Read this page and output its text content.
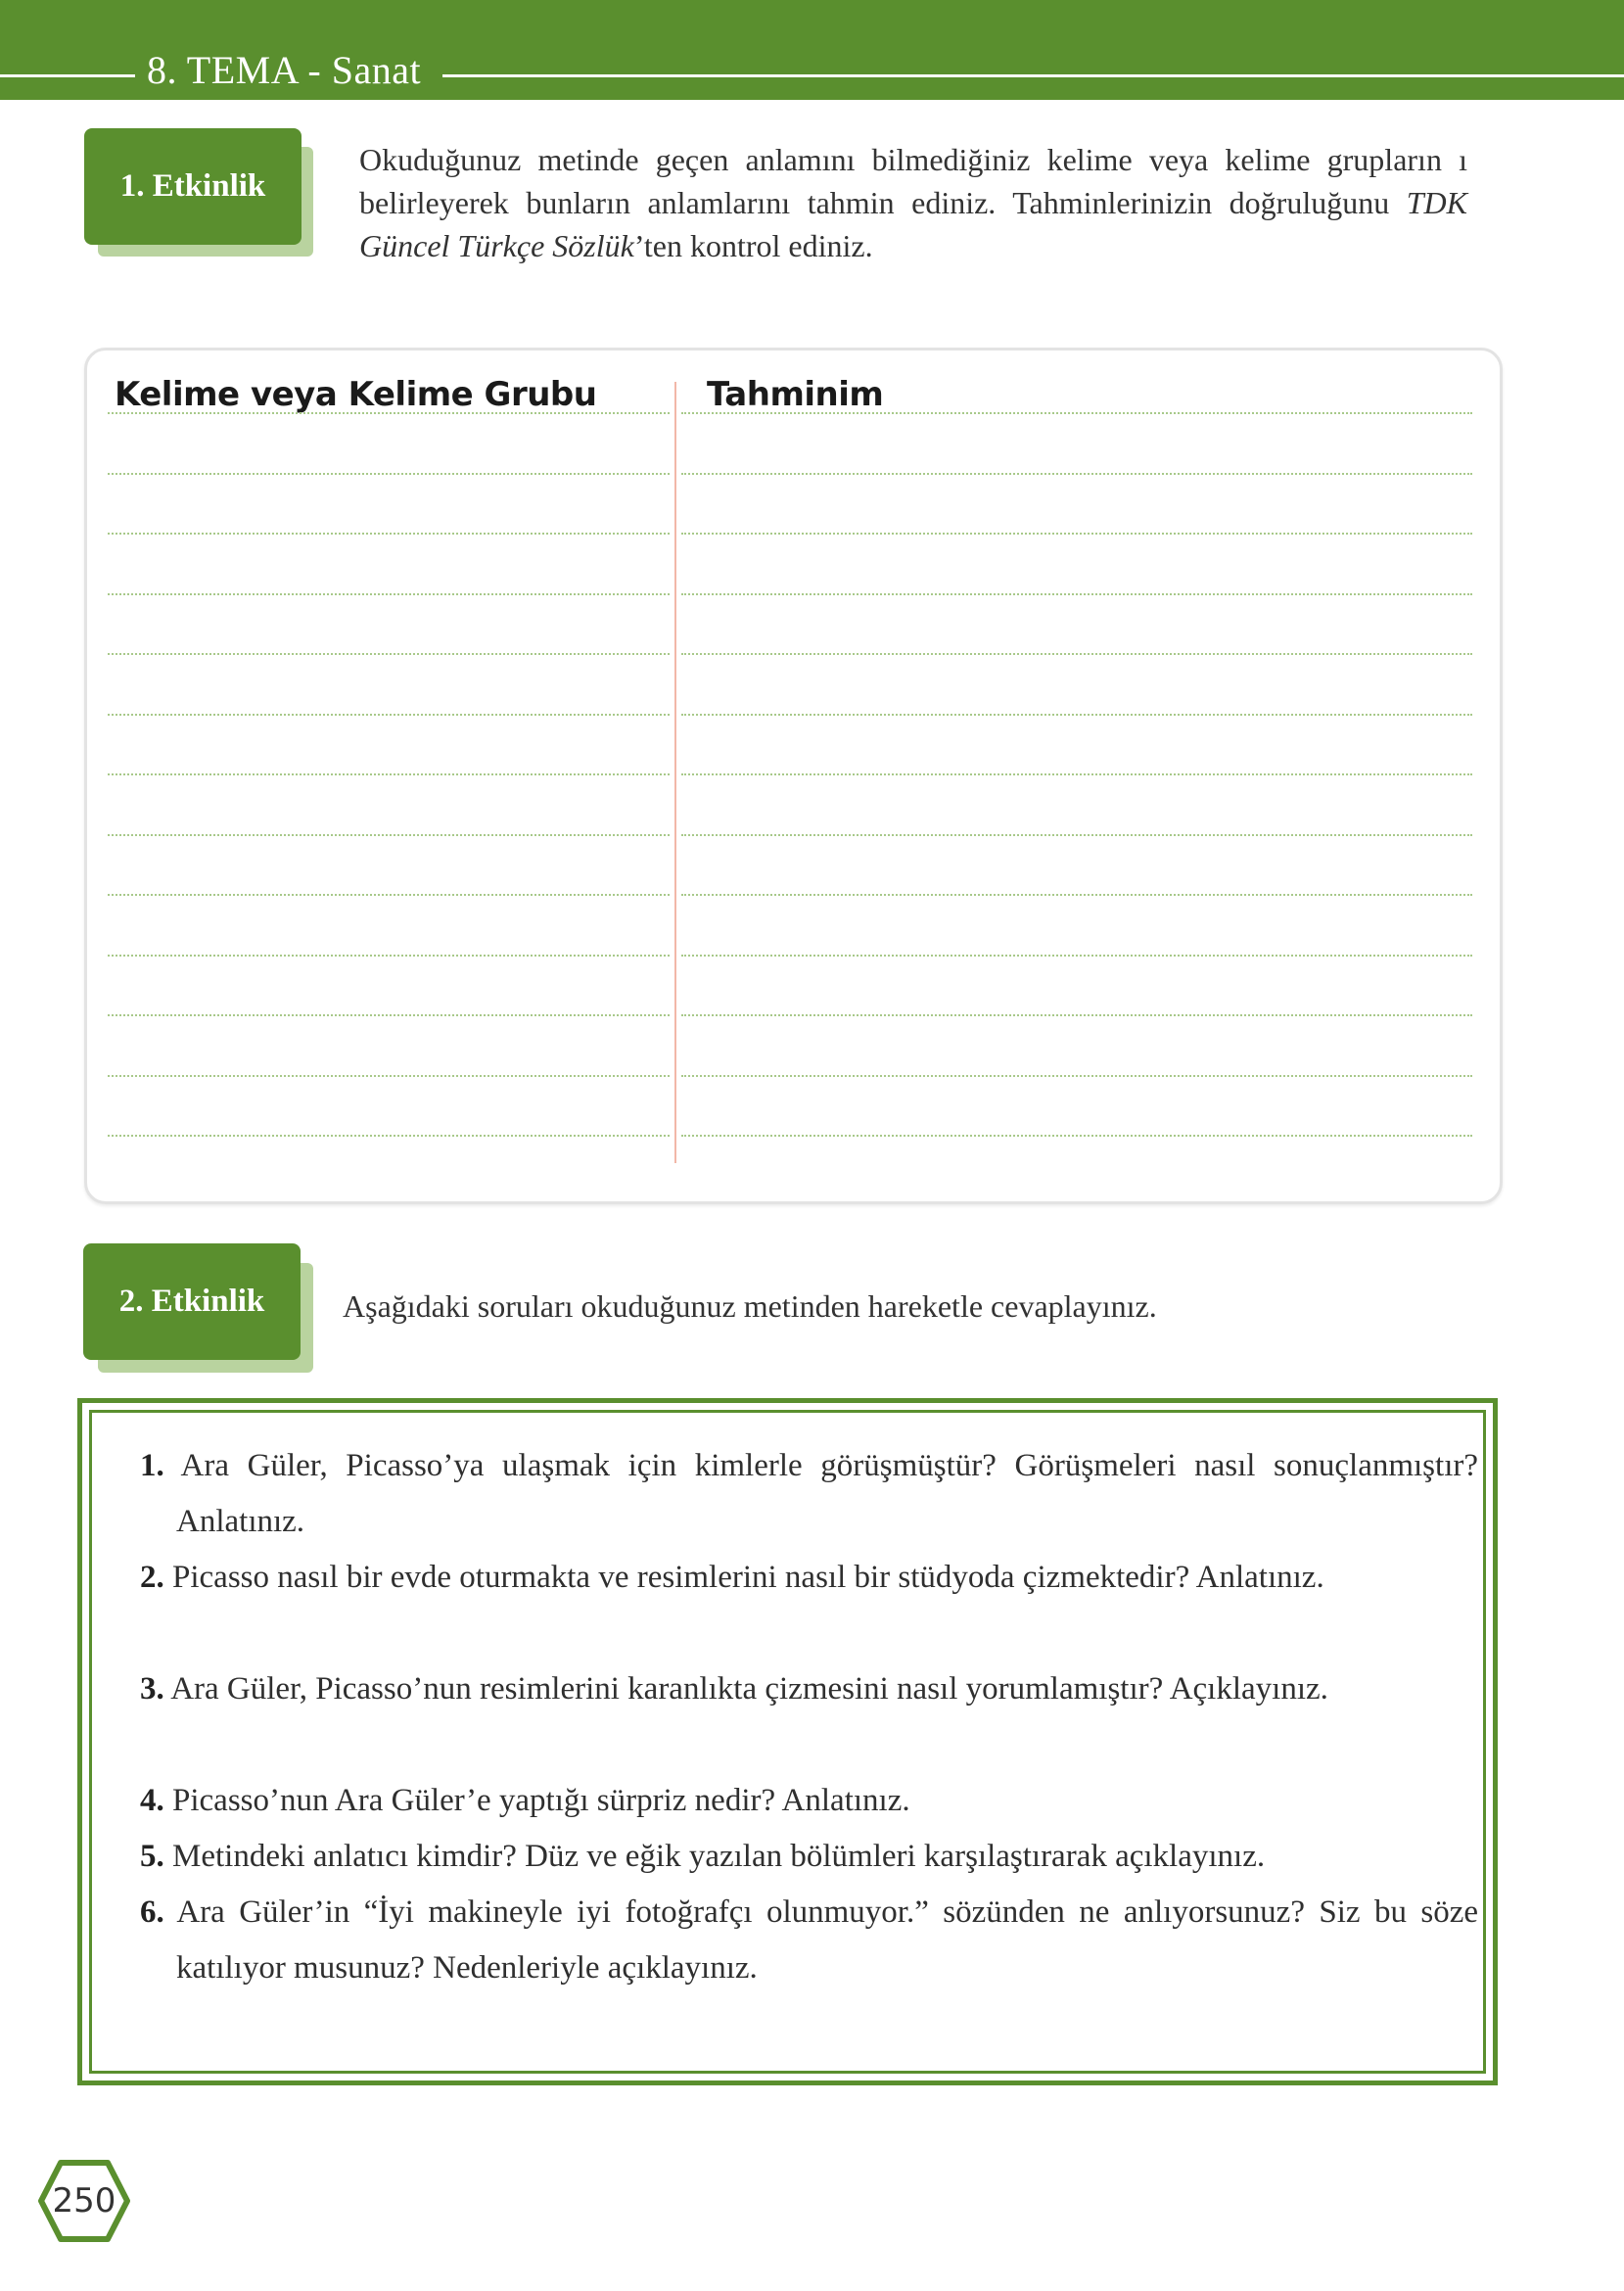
8. TEMA - Sanat
1. Etkinlik
Okuduğunuz metinde geçen anlamını bilmediğiniz kelime veya kelime grupların ı belirleyerek bunların anlamlarını tahmin ediniz. Tahminlerinizin doğruluğunu TDK Güncel Türkçe Sözlük’ten kontrol ediniz.
Kelime veya Kelime Grubu	Tahminim
2. Etkinlik	Aşağıdaki soruları okuduğunuz metinden hareketle cevaplayınız.
1. Ara Güler, Picasso’ya ulaşmak için kimlerle görüşmüştür? Görüşmeleri nasıl sonuçlanmıştır? Anlatınız.
2. Picasso nasıl bir evde oturmakta ve resimlerini nasıl bir stüdyoda çizmektedir? Anlatınız.
3. Ara Güler, Picasso’nun resimlerini karanlıkta çizmesini nasıl yorumlamıştır? Açıklayınız.
4. Picasso’nun Ara Güler’e yaptığı sürpriz nedir? Anlatınız.
5. Metindeki anlatıcı kimdir? Düz ve eğik yazılan bölümleri karşılaştırarak açıklayınız.
6. Ara Güler’in “İyi makineyle iyi fotoğrafçı olunmuyor.” sözünden ne anlıyorsunuz? Siz bu söze katılıyor musunuz? Nedenleriyle açıklayınız.
250
